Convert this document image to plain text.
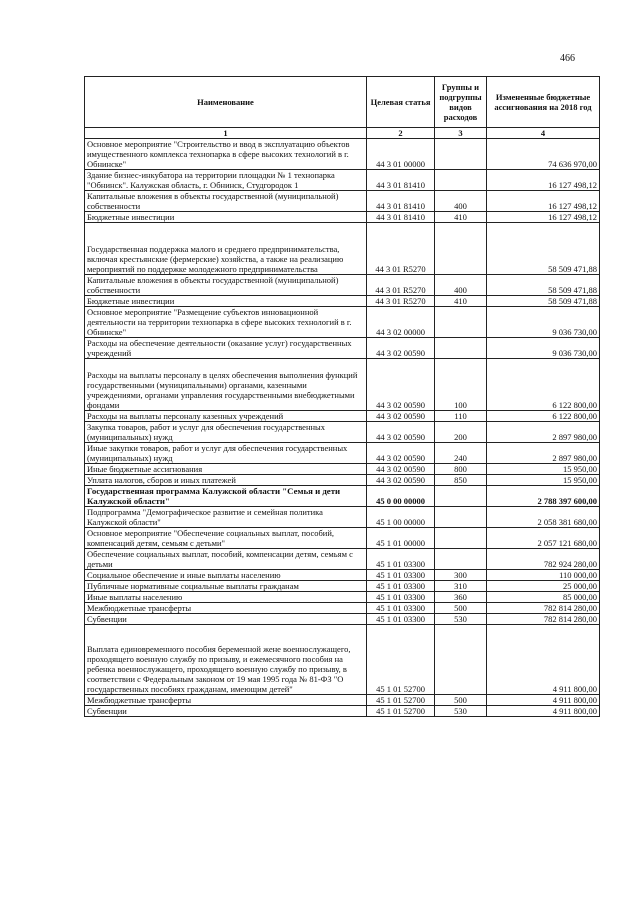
466
Наименование	Целевая статья	Группы и подгруппы видов расходов	Измененные бюджетные ассигнования на 2018 год
1	2	3	4
Основное мероприятие "Строительство и ввод в эксплуатацию объектов имущественного комплекса технопарка в сфере высоких технологий в г. Обнинске"	44 3 01 00000		74 636 970,00
Здание бизнес-инкубатора на территории площадки № 1 технопарка "Обнинск". Калужская область, г. Обнинск, Студгородок 1	44 3 01 81410		16 127 498,12
Капитальные вложения в объекты государственной (муниципальной) собственности	44 3 01 81410	400	16 127 498,12
Бюджетные инвестиции	44 3 01 81410	410	16 127 498,12
Государственная поддержка малого и среднего предпринимательства, включая крестьянские (фермерские) хозяйства, а также на реализацию мероприятий по поддержке молодежного предпринимательства	44 3 01 R5270		58 509 471,88
Капитальные вложения в объекты государственной (муниципальной) собственности	44 3 01 R5270	400	58 509 471,88
Бюджетные инвестиции	44 3 01 R5270	410	58 509 471,88
Основное мероприятие "Размещение субъектов инновационной деятельности на территории технопарка в сфере высоких технологий в г. Обнинске"	44 3 02 00000		9 036 730,00
Расходы на обеспечение деятельности (оказание услуг) государственных учреждений	44 3 02 00590		9 036 730,00
Расходы на выплаты персоналу в целях обеспечения выполнения функций государственными (муниципальными) органами, казенными учреждениями, органами управления государственными внебюджетными фондами	44 3 02 00590	100	6 122 800,00
Расходы на выплаты персоналу казенных учреждений	44 3 02 00590	110	6 122 800,00
Закупка товаров, работ и услуг для обеспечения государственных (муниципальных) нужд	44 3 02 00590	200	2 897 980,00
Иные закупки товаров, работ и услуг для обеспечения государственных (муниципальных) нужд	44 3 02 00590	240	2 897 980,00
Иные бюджетные ассигнования	44 3 02 00590	800	15 950,00
Уплата налогов, сборов и иных платежей	44 3 02 00590	850	15 950,00
Государственная программа Калужской области "Семья и дети Калужской области"	45 0 00 00000		2 788 397 600,00
Подпрограмма "Демографическое развитие и семейная политика Калужской области"	45 1 00 00000		2 058 381 680,00
Основное мероприятие "Обеспечение социальных выплат, пособий, компенсаций детям, семьям с детьми"	45 1 01 00000		2 057 121 680,00
Обеспечение социальных выплат, пособий, компенсации детям, семьям с детьми	45 1 01 03300		782 924 280,00
Социальное обеспечение и иные выплаты населению	45 1 01 03300	300	110 000,00
Публичные нормативные социальные выплаты гражданам	45 1 01 03300	310	25 000,00
Иные выплаты населению	45 1 01 03300	360	85 000,00
Межбюджетные трансферты	45 1 01 03300	500	782 814 280,00
Субвенции	45 1 01 03300	530	782 814 280,00
Выплата единовременного пособия беременной жене военнослужащего, проходящего военную службу по призыву, и ежемесячного пособия на ребенка военнослужащего, проходящего военную службу по призыву, в соответствии с Федеральным законом от 19 мая 1995 года № 81-ФЗ "О государственных пособиях гражданам, имеющим детей"	45 1 01 52700		4 911 800,00
Межбюджетные трансферты	45 1 01 52700	500	4 911 800,00
Субвенции	45 1 01 52700	530	4 911 800,00
